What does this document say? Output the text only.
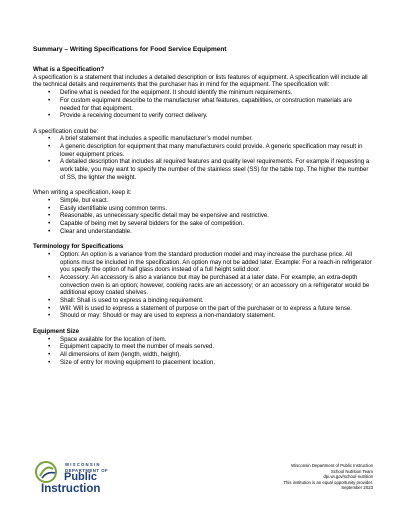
Summary – Writing Specifications for Food Service Equipment
What is a Specification?

A specification is a statement that includes a detailed description or lists features of equipment. A specification will include all the technical details and requirements that the purchaser has in mind for the equipment. The specification will:

• Define what is needed for the equipment. It should identify the minimum requirements.
• For custom equipment describe to the manufacturer what features, capabilities, or construction materials are needed for that equipment.
• Provide a receiving document to verify correct delivery.

A specification could be:

• A brief statement that includes a specific manufacturer’s model number.
• A generic description for equipment that many manufacturers could provide. A generic specification may result in lower equipment prices.
• A detailed description that includes all required features and quality level requirements. For example if requesting a work table, you may want to specify the number of the stainless steel (SS) for the table top. The higher the number of SS, the lighter the weight.

When writing a specification, keep it:

• Simple, but exact.
• Easily identifiable using common terms.
• Reasonable, as unnecessary specific detail may be expensive and restrictive.
• Capable of being met by several bidders for the sake of competition.
• Clear and understandable.
Terminology for Specifications
• Option: An option is a variance from the standard production model and may increase the purchase price. All options must be included in the specification. An option may not be added later. Example: For a reach-in refrigerator you specify the option of half glass doors instead of a full height solid door.
• Accessory: An accessory is also a variance but may be purchased at a later date. For example, an extra-depth convection oven is an option; however, cooking racks are an accessory; or an accessory on a refrigerator would be additional epoxy coated shelves.
• Shall: Shall is used to express a binding requirement.
• Will: Will is used to express a statement of purpose on the part of the purchaser or to express a future tense.
• Should or may: Should or may are used to express a non-mandatory statement.
Equipment Size
• Space available for the location of item.
• Equipment capacity to meet the number of meals served.
• All dimensions of item (length, width, height).
• Size of entry for moving equipment to placement location.
WISCONSIN
DEPARTMENT OF
Public
Instruction
Wisconsin Department of Public Instruction
School Nutrition Team
dpi.wi.gov/school-nutrition
This institution is an equal opportunity provider.
September 2023
